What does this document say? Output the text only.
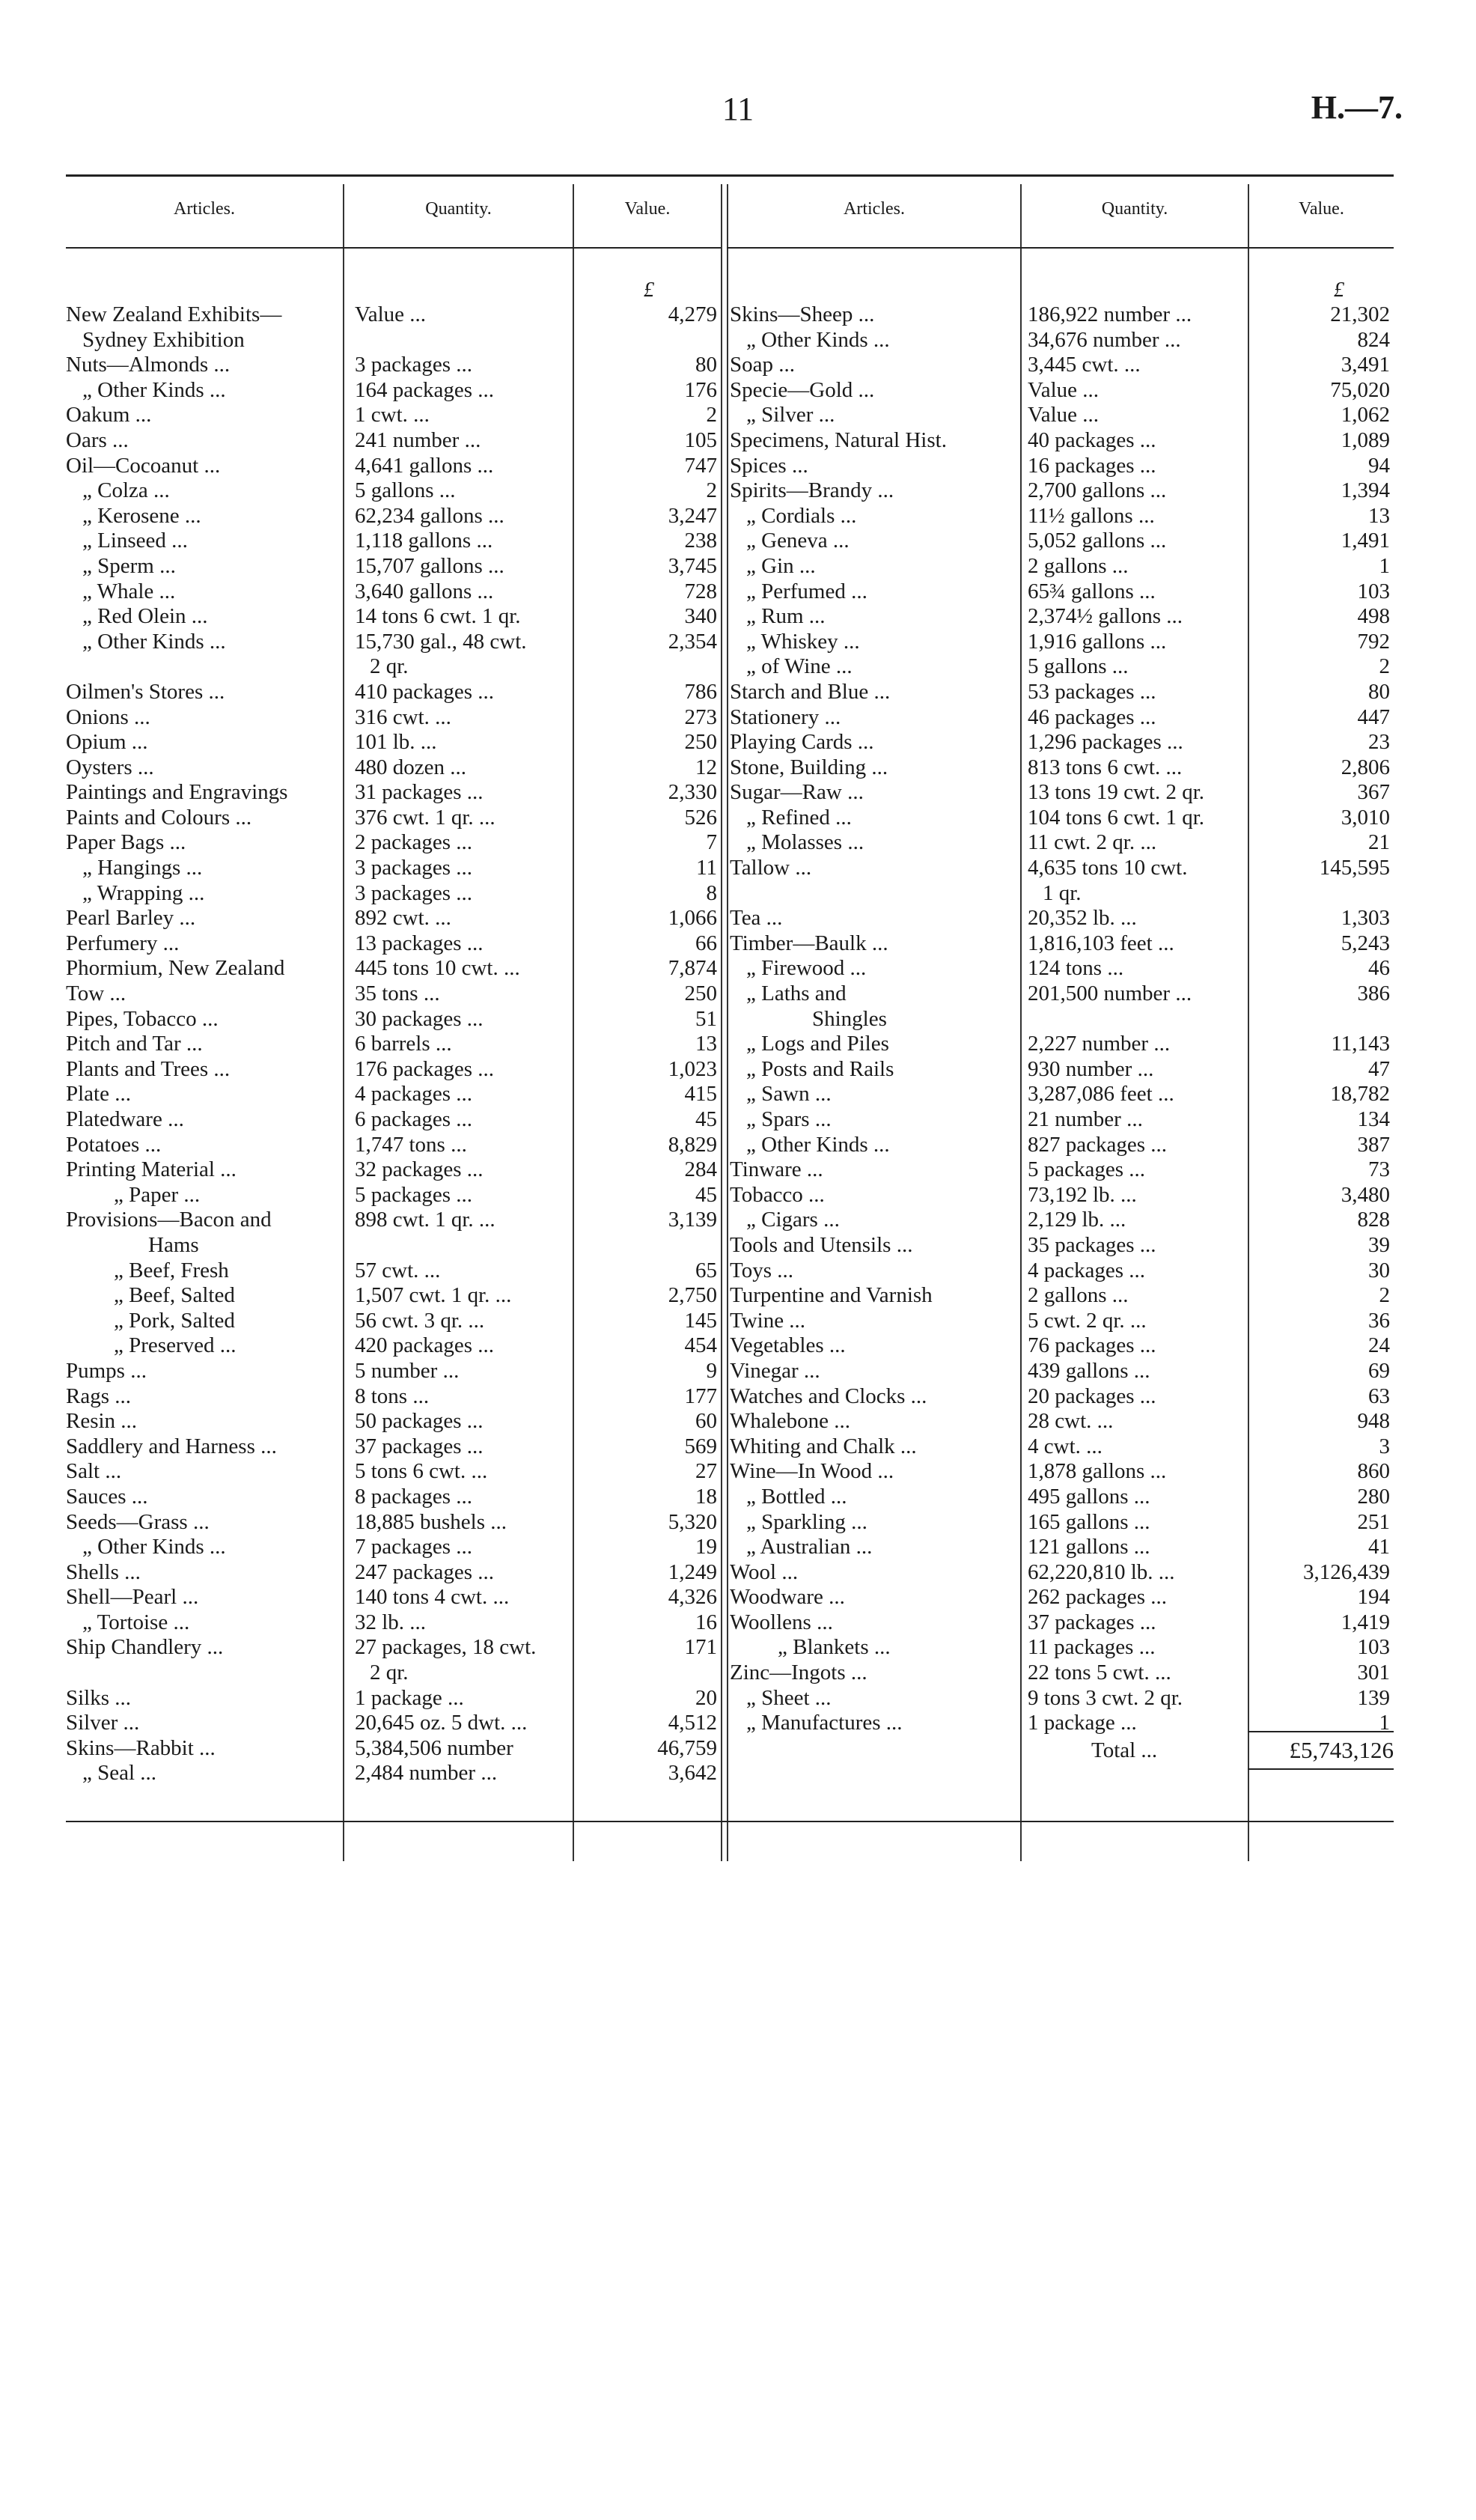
11	H.—7.
Articles.	Quantity.	Value.	Articles.	Quantity.	Value.
£	£
New Zealand Exhibits—	Value ...	4,279
Sydney Exhibition
Nuts—Almonds ...	3 packages ...	80
„ Other Kinds ...	164 packages ...	176
Oakum ...	1 cwt. ...	2
Oars ...	241 number ...	105
Oil—Cocoanut ...	4,641 gallons ...	747
„ Colza ...	5 gallons ...	2
„ Kerosene ...	62,234 gallons ...	3,247
„ Linseed ...	1,118 gallons ...	238
„ Sperm ...	15,707 gallons ...	3,745
„ Whale ...	3,640 gallons ...	728
„ Red Olein ...	14 tons 6 cwt. 1 qr.	340
„ Other Kinds ...	15,730 gal., 48 cwt.	2,354
2 qr.
Oilmen's Stores ...	410 packages ...	786
Onions ...	316 cwt. ...	273
Opium ...	101 lb. ...	250
Oysters ...	480 dozen ...	12
Paintings and Engravings	31 packages ...	2,330
Paints and Colours ...	376 cwt. 1 qr. ...	526
Paper Bags ...	2 packages ...	7
„ Hangings ...	3 packages ...	11
„ Wrapping ...	3 packages ...	8
Pearl Barley ...	892 cwt. ...	1,066
Perfumery ...	13 packages ...	66
Phormium, New Zealand	445 tons 10 cwt. ...	7,874
Tow ...	35 tons ...	250
Pipes, Tobacco ...	30 packages ...	51
Pitch and Tar ...	6 barrels ...	13
Plants and Trees ...	176 packages ...	1,023
Plate ...	4 packages ...	415
Platedware ...	6 packages ...	45
Potatoes ...	1,747 tons ...	8,829
Printing Material ...	32 packages ...	284
„ Paper ...	5 packages ...	45
Provisions—Bacon and	898 cwt. 1 qr. ...	3,139
Hams
„ Beef, Fresh	57 cwt. ...	65
„ Beef, Salted	1,507 cwt. 1 qr. ...	2,750
„ Pork, Salted	56 cwt. 3 qr. ...	145
„ Preserved ...	420 packages ...	454
Pumps ...	5 number ...	9
Rags ...	8 tons ...	177
Resin ...	50 packages ...	60
Saddlery and Harness ...	37 packages ...	569
Salt ...	5 tons 6 cwt. ...	27
Sauces ...	8 packages ...	18
Seeds—Grass ...	18,885 bushels ...	5,320
„ Other Kinds ...	7 packages ...	19
Shells ...	247 packages ...	1,249
Shell—Pearl ...	140 tons 4 cwt. ...	4,326
„ Tortoise ...	32 lb. ...	16
Ship Chandlery ...	27 packages, 18 cwt.	171
2 qr.
Silks ...	1 package ...	20
Silver ...	20,645 oz. 5 dwt. ...	4,512
Skins—Rabbit ...	5,384,506 number	46,759
„ Seal ...	2,484 number ...	3,642
Skins—Sheep ...	186,922 number ...	21,302
„ Other Kinds ...	34,676 number ...	824
Soap ...	3,445 cwt. ...	3,491
Specie—Gold ...	Value ...	75,020
„ Silver ...	Value ...	1,062
Specimens, Natural Hist.	40 packages ...	1,089
Spices ...	16 packages ...	94
Spirits—Brandy ...	2,700 gallons ...	1,394
„ Cordials ...	11½ gallons ...	13
„ Geneva ...	5,052 gallons ...	1,491
„ Gin ...	2 gallons ...	1
„ Perfumed ...	65¾ gallons ...	103
„ Rum ...	2,374½ gallons ...	498
„ Whiskey ...	1,916 gallons ...	792
„ of Wine ...	5 gallons ...	2
Starch and Blue ...	53 packages ...	80
Stationery ...	46 packages ...	447
Playing Cards ...	1,296 packages ...	23
Stone, Building ...	813 tons 6 cwt. ...	2,806
Sugar—Raw ...	13 tons 19 cwt. 2 qr.	367
„ Refined ...	104 tons 6 cwt. 1 qr.	3,010
„ Molasses ...	11 cwt. 2 qr. ...	21
Tallow ...	4,635 tons 10 cwt.	145,595
1 qr.
Tea ...	20,352 lb. ...	1,303
Timber—Baulk ...	1,816,103 feet ...	5,243
„ Firewood ...	124 tons ...	46
„ Laths and	201,500 number ...	386
Shingles
„ Logs and Piles	2,227 number ...	11,143
„ Posts and Rails	930 number ...	47
„ Sawn ...	3,287,086 feet ...	18,782
„ Spars ...	21 number ...	134
„ Other Kinds ...	827 packages ...	387
Tinware ...	5 packages ...	73
Tobacco ...	73,192 lb. ...	3,480
„ Cigars ...	2,129 lb. ...	828
Tools and Utensils ...	35 packages ...	39
Toys ...	4 packages ...	30
Turpentine and Varnish	2 gallons ...	2
Twine ...	5 cwt. 2 qr. ...	36
Vegetables ...	76 packages ...	24
Vinegar ...	439 gallons ...	69
Watches and Clocks ...	20 packages ...	63
Whalebone ...	28 cwt. ...	948
Whiting and Chalk ...	4 cwt. ...	3
Wine—In Wood ...	1,878 gallons ...	860
„ Bottled ...	495 gallons ...	280
„ Sparkling ...	165 gallons ...	251
„ Australian ...	121 gallons ...	41
Wool ...	62,220,810 lb. ...	3,126,439
Woodware ...	262 packages ...	194
Woollens ...	37 packages ...	1,419
„ Blankets ...	11 packages ...	103
Zinc—Ingots ...	22 tons 5 cwt. ...	301
„ Sheet ...	9 tons 3 cwt. 2 qr.	139
„ Manufactures ...	1 package ...	1
Total ...	£5,743,126
